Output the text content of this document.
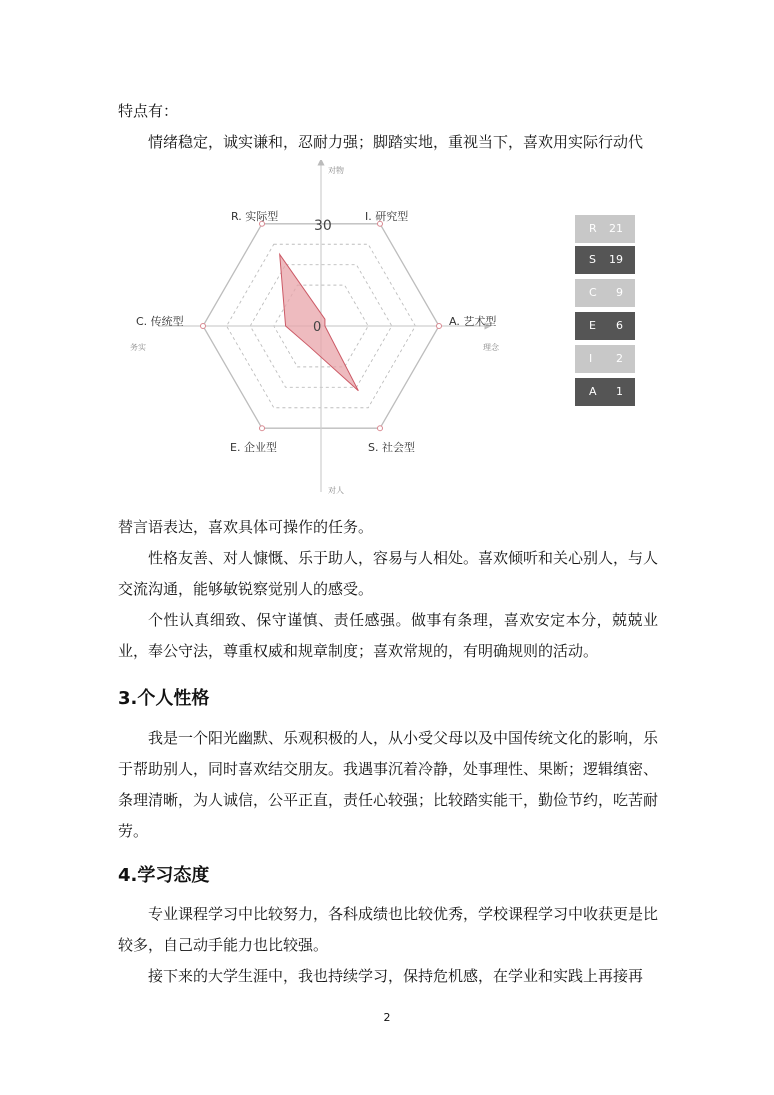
特点有：

情绪稳定，诚实谦和，忍耐力强；脚踏实地，重视当下，喜欢用实际行动代

30
0
R. 实际型	I. 研究型
A. 艺术型
S. 社会型
E. 企业型
C. 传统型
对物
对人
务实	理念
R 21
S 19
C 9
E 6
I 2
A 1

替言语表达，喜欢具体可操作的任务。

性格友善、对人慷慨、乐于助人，容易与人相处。喜欢倾听和关心别人，与人交流沟通，能够敏锐察觉别人的感受。

个性认真细致、保守谨慎、责任感强。做事有条理，喜欢安定本分，兢兢业业，奉公守法，尊重权威和规章制度；喜欢常规的，有明确规则的活动。

3.个人性格

我是一个阳光幽默、乐观积极的人，从小受父母以及中国传统文化的影响，乐于帮助别人，同时喜欢结交朋友。我遇事沉着冷静，处事理性、果断；逻辑缜密、条理清晰，为人诚信，公平正直，责任心较强；比较踏实能干，勤俭节约，吃苦耐劳。

4.学习态度

专业课程学习中比较努力，各科成绩也比较优秀，学校课程学习中收获更是比较多，自己动手能力也比较强。

接下来的大学生涯中，我也持续学习，保持危机感，在学业和实践上再接再

2
